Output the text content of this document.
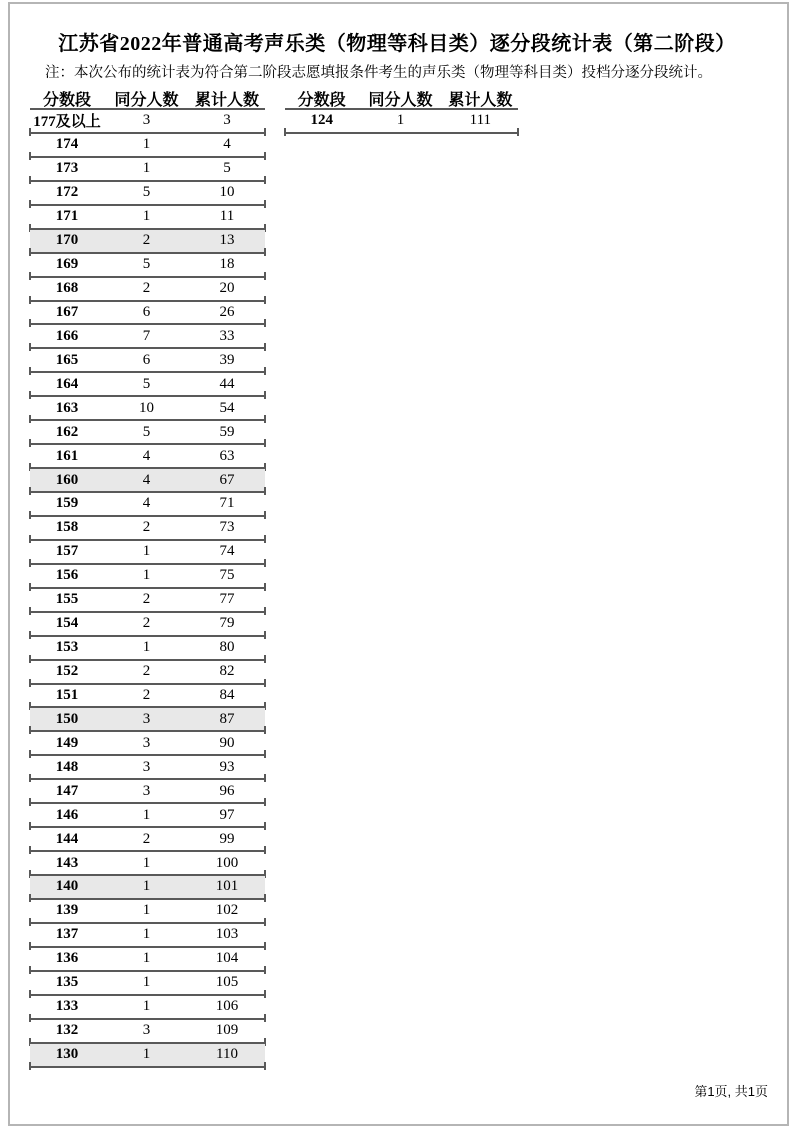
江苏省2022年普通高考声乐类（物理等科目类）逐分段统计表（第二阶段）
注：本次公布的统计表为符合第二阶段志愿填报条件考生的声乐类（物理等科目类）投档分逐分段统计。
分数段	同分人数	累计人数
177及以上	3	3
174	1	4
173	1	5
172	5	10
171	1	11
170	2	13
169	5	18
168	2	20
167	6	26
166	7	33
165	6	39
164	5	44
163	10	54
162	5	59
161	4	63
160	4	67
159	4	71
158	2	73
157	1	74
156	1	75
155	2	77
154	2	79
153	1	80
152	2	82
151	2	84
150	3	87
149	3	90
148	3	93
147	3	96
146	1	97
144	2	99
143	1	100
140	1	101
139	1	102
137	1	103
136	1	104
135	1	105
133	1	106
132	3	109
130	1	110
分数段	同分人数 累计人数
124	1	111
第1页, 共1页
